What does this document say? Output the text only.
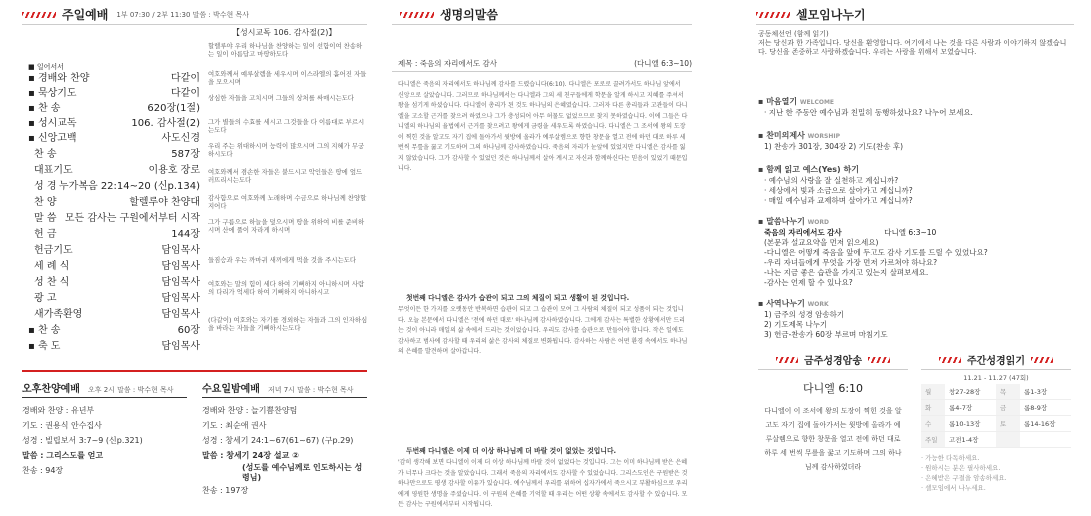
주일예배 1부 07:30 / 2부 11:30 말씀 : 박수현 목사
【성시교독 106. 감사절(2)】
■ 일어서서
▪ 경배와 찬양	다같이
▪ 묵상기도	다같이
▪ 찬 송	620장(1절)
▪ 성시교독	106. 감사절(2)
▪ 신앙고백	사도신경
찬 송	587장
대표기도	이용호 장로
성 경 누가복음 22:14~20 (신p.134)
찬 양	할렐루야 찬양대
말 씀 모든 감사는 구원에서부터 시작
헌 금	144장
헌금기도	담임목사
세 례 식	담임목사
성 찬 식	담임목사
광 고	담임목사
새가족환영	담임목사
▪ 찬 송	60장
▪ 축 도	담임목사
할렐루야 우리 하나님을 찬양하는 일이 선함이여 찬송하는 일이 아름답고 마땅하도다
여호와께서 예루살렘을 세우시며 이스라엘의 흩어진 자들을 모으시며
상심한 자들을 고치시며 그들의 상처를 싸매시는도다
그가 별들의 수효를 세시고 그것들을 다 이름대로 부르시는도다
우리 주는 위대하시며 능력이 많으시며 그의 지혜가 무궁하시도다
여호와께서 겸손한 자들은 붙드시고 악인들은 땅에 엎드러뜨리시는도다
감사함으로 여호와께 노래하며 수금으로 하나님께 찬양할지어다
그가 구름으로 하늘을 덮으시며 땅을 위하여 비를 준비하시며 산에 풀이 자라게 하시며
들짐승과 우는 까마귀 새끼에게 먹을 것을 주시는도다
여호와는 말의 힘이 세다 하여 기뻐하지 아니하시며 사람의 다리가 억세다 하여 기뻐하지 아니하시고
(다같이) 여호와는 자기를 경외하는 자들과 그의 인자하심을 바라는 자들을 기뻐하시는도다
오후찬양예배 오후 2시 말씀 : 박수현 목사
경배와 찬양 : 유년부
기도 : 권용식 안수집사
성경 : 빌립보서 3:7~9 (신p.321)
말씀 : 그리스도를 얻고
찬송 : 94장
수요일밤예배 저녁 7시 말씀 : 박수현 목사
경배와 찬양 : 늘기쁨찬양팀
기도 : 최순애 권사
성경 : 창세기 24:1~67(61~67) (구p.29)
말씀 : 창세기 24장 설교 ②
(성도를 예수님께로 인도하시는 성령님)
찬송 : 197장
생명의말씀
제목 : 죽음의 자리에서도 감사	(다니엘 6:3~10)
다니엘은 죽음의 자리에서도 하나님께 감사를 드렸습니다(6:10). 다니엘은 포로로 끌려가서도 하나님 앞에서 신앙으로 살았습니다. 그러므로 하나님께서는 다니엘과 그의 세 친구들에게 학문을 알게 하시고 지혜를 주셔서 왕을 섬기게 하셨습니다. 다니엘이 총리가 된 것도 하나님의 은혜였습니다. 그러자 다른 총리들과 고관들이 다니엘을 고소할 근거를 찾으려 하였으나 그가 충성되어 아무 허물도 없었으므로 찾지 못하였습니다. 이에 그들은 다니엘의 하나님의 율법에서 근거를 찾으려고 왕에게 금령을 세우도록 하였습니다. 다니엘은 그 조서에 왕의 도장이 찍힌 것을 알고도 자기 집에 돌아가서 윗방에 올라가 예루살렘으로 향한 창문을 열고 전에 하던 대로 하루 세 번씩 무릎을 꿇고 기도하며 그의 하나님께 감사하였습니다. 죽음의 자리가 눈앞에 있었지만 다니엘은 감사를 잃지 않았습니다. 그가 감사할 수 있었던 것은 하나님께서 살아 계시고 자신과 함께하신다는 믿음이 있었기 때문입니다.
첫번째 다니엘은 감사가 습관이 되고 그의 체질이 되고 생활이 된 것입니다.
무엇이든 한 가지를 오랫동안 반복하면 습관이 되고 그 습관이 모여 그 사람의 체질이 되고 성품이 되는 것입니다. 오늘 본문에서 다니엘은 '전에 하던 대로' 하나님께 감사하였습니다. 그에게 감사는 특별한 상황에서만 드리는 것이 아니라 매일의 삶 속에서 드리는 것이었습니다. 우리도 감사를 습관으로 만들어야 합니다. 작은 일에도 감사하고 범사에 감사할 때 우리의 삶은 감사의 체질로 변화됩니다. 감사하는 사람은 어떤 환경 속에서도 하나님의 은혜를 발견하며 살아갑니다.
두번째 다니엘은 이제 더 이상 하나님께 더 바랄 것이 없었는 것입니다.
'감히 생각해 보면 다니엘이 이제 더 이상 하나님께 바랄 것이 없었다는 것입니다. 그는 이미 하나님께 받은 은혜가 너무나 크다는 것을 알았습니다. 그래서 죽음의 자리에서도 감사할 수 있었습니다. 그리스도인은 구원받은 것 하나만으로도 평생 감사할 이유가 있습니다. 예수님께서 우리를 위하여 십자가에서 죽으시고 부활하심으로 우리에게 영원한 생명을 주셨습니다. 이 구원의 은혜를 기억할 때 우리는 어떤 상황 속에서도 감사할 수 있습니다. 모든 감사는 구원에서부터 시작됩니다.
셀모임나누기
공동체선언 (함께 읽기)
저는 당신과 한 가족입니다. 당신을 환영합니다. 여기에서 나는 것을 다른 사람과 이야기하지 않겠습니다. 당신을 존중하고 사랑하겠습니다. 우리는 사랑을 위해서 모였습니다.
▪ 마음열기 WELCOME
· 지난 한 주동안 예수님과 친밀히 동행하셨나요? 나누어 보세요.
▪ 찬미의제사 WORSHIP
1) 찬송가 301장, 304장 2) 기도(찬송 후)
▪ 함께 읽고 예스(Yes) 하기
· 예수님의 사랑을 잘 실천하고 계십니까?
· 세상에서 빛과 소금으로 살아가고 계십니까?
· 매일 예수님과 교제하며 살아가고 계십니까?
▪ 말씀나누기 WORD
죽음의 자리에서도 감사	다니엘 6:3~10
(본문과 설교요약을 먼저 읽으세요)
-다니엘은 어떻게 죽음을 앞에 두고도 감사 기도를 드릴 수 있었나요?
-우리 자녀들에게 무엇을 가장 먼저 가르쳐야 하나요?
-나는 지금 좋은 습관을 가지고 있는지 살펴보세요.
-감사는 언제 할 수 있나요?
▪ 사역나누기 WORK
1) 금주의 성경 암송하기
2) 기도제목 나누기
3) 헌금-찬송가 60장 부르며 마침기도
금주성경암송
다니엘 6:10
다니엘이 이 조서에 왕의 도장이 찍힌 것을 알고도 자기 집에 돌아가서는 윗방에 올라가 예루살렘으로 향한 창문을 열고 전에 하던 대로 하루 세 번씩 무릎을 꿇고 기도하며 그의 하나님께 감사하였더라
주간성경읽기
11.21 - 11.27 (47회)
월	창27-28장	목	롬1-3장
화	롬4-7장	금	롬8-9장
수	롬10-13장	토	롬14-16장
주일	고전1-4장		
· 가능한 다독하세요.
· 원하시는 분은 필사하세요.
· 은혜받은 구절을 암송하세요.
· 셀모임에서 나누세요.
